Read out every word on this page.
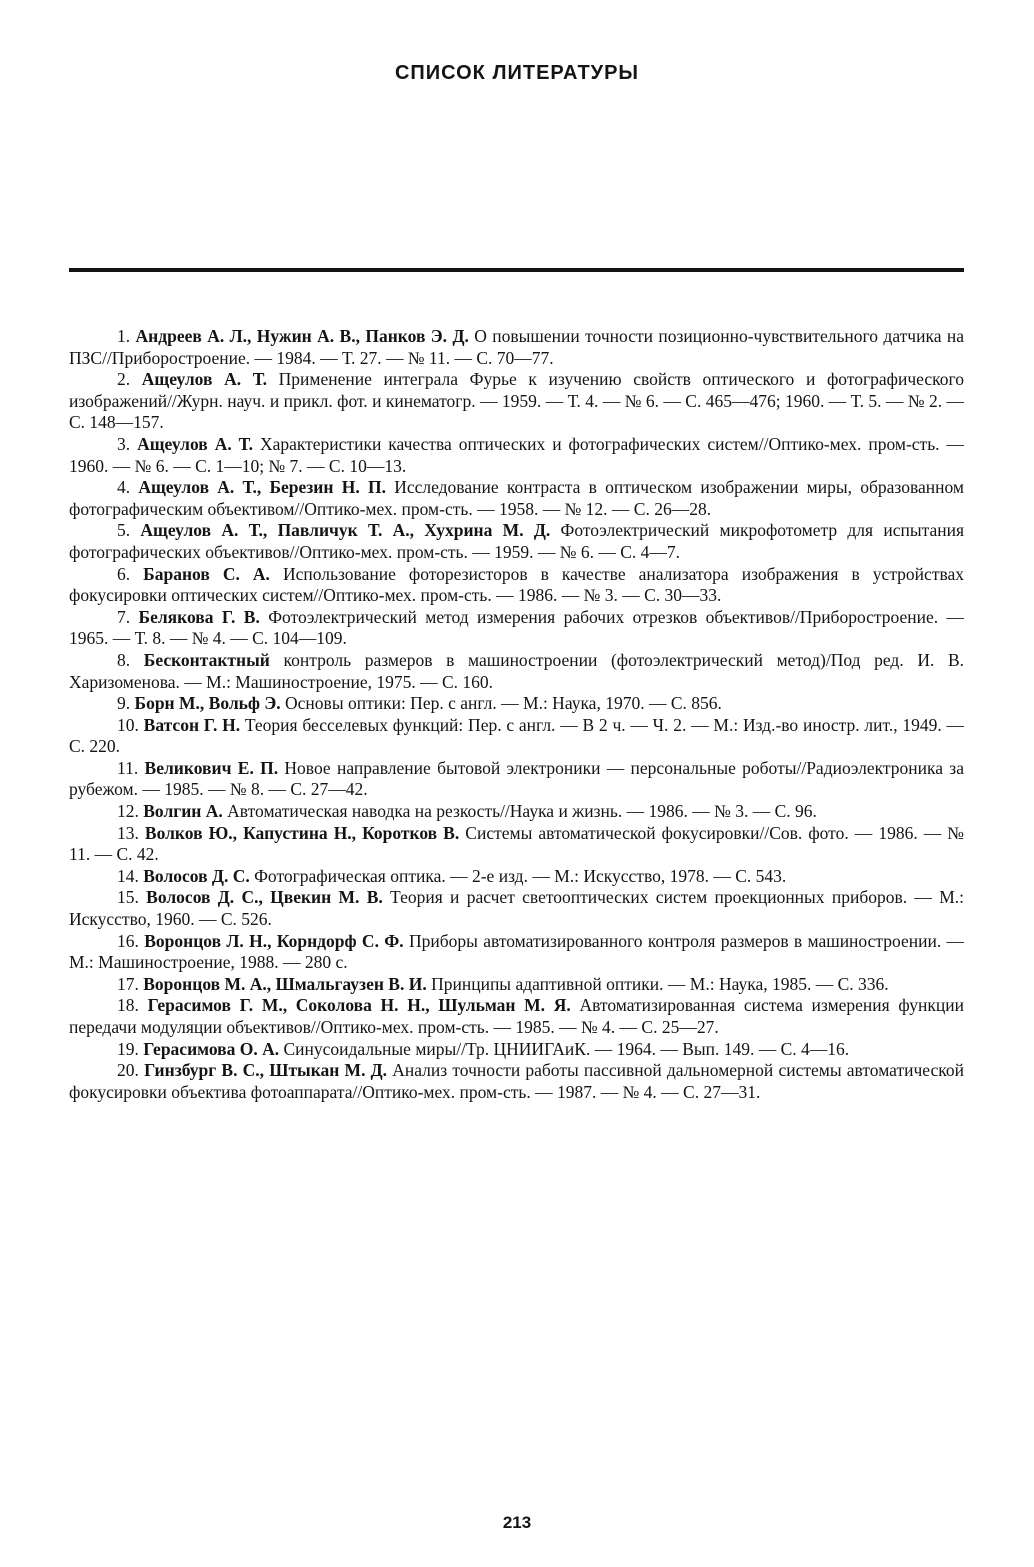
СПИСОК ЛИТЕРАТУРЫ
1. Андреев А. Л., Нужин А. В., Панков Э. Д. О повышении точности позиционно-чувствительного датчика на ПЗС//Приборостроение. — 1984. — Т. 27. — № 11. — С. 70—77.
2. Ащеулов А. Т. Применение интеграла Фурье к изучению свойств оптического и фотографического изображений//Журн. науч. и прикл. фот. и кинематогр. — 1959. — Т. 4. — № 6. — С. 465—476; 1960. — Т. 5. — № 2. — С. 148—157.
3. Ащеулов А. Т. Характеристики качества оптических и фотографических систем//Оптико-мех. пром-сть. — 1960. — № 6. — С. 1—10; № 7. — С. 10—13.
4. Ащеулов А. Т., Березин Н. П. Исследование контраста в оптическом изображении миры, образованном фотографическим объективом//Оптико-мех. пром-сть. — 1958. — № 12. — С. 26—28.
5. Ащеулов А. Т., Павличук Т. А., Хухрина М. Д. Фотоэлектрический микрофотометр для испытания фотографических объективов//Оптико-мех. пром-сть. — 1959. — № 6. — С. 4—7.
6. Баранов С. А. Использование фоторезисторов в качестве анализатора изображения в устройствах фокусировки оптических систем//Оптико-мех. пром-сть. — 1986. — № 3. — С. 30—33.
7. Белякова Г. В. Фотоэлектрический метод измерения рабочих отрезков объективов//Приборостроение. — 1965. — Т. 8. — № 4. — С. 104—109.
8. Бесконтактный контроль размеров в машиностроении (фотоэлектрический метод)/Под ред. И. В. Харизоменова. — М.: Машиностроение, 1975. — С. 160.
9. Борн М., Вольф Э. Основы оптики: Пер. с англ. — М.: Наука, 1970. — С. 856.
10. Ватсон Г. Н. Теория бесселевых функций: Пер. с англ. — В 2 ч. — Ч. 2. — М.: Изд.-во иностр. лит., 1949. — С. 220.
11. Великович Е. П. Новое направление бытовой электроники — персональные роботы//Радиоэлектроника за рубежом. — 1985. — № 8. — С. 27—42.
12. Волгин А. Автоматическая наводка на резкость//Наука и жизнь. — 1986. — № 3. — С. 96.
13. Волков Ю., Капустина Н., Коротков В. Системы автоматической фокусировки//Сов. фото. — 1986. — № 11. — С. 42.
14. Волосов Д. С. Фотографическая оптика. — 2-е изд. — М.: Искусство, 1978. — С. 543.
15. Волосов Д. С., Цвекин М. В. Теория и расчет светооптических систем проекционных приборов. — М.: Искусство, 1960. — С. 526.
16. Воронцов Л. Н., Корндорф С. Ф. Приборы автоматизированного контроля размеров в машиностроении. — М.: Машиностроение, 1988. — 280 с.
17. Воронцов М. А., Шмальгаузен В. И. Принципы адаптивной оптики. — М.: Наука, 1985. — С. 336.
18. Герасимов Г. М., Соколова Н. Н., Шульман М. Я. Автоматизированная система измерения функции передачи модуляции объективов//Оптико-мех. пром-сть. — 1985. — № 4. — С. 25—27.
19. Герасимова О. А. Синусоидальные миры//Тр. ЦНИИГАиК. — 1964. — Вып. 149. — С. 4—16.
20. Гинзбург В. С., Штыкан М. Д. Анализ точности работы пассивной дальномерной системы автоматической фокусировки объектива фотоаппарата//Оптико-мех. пром-сть. — 1987. — № 4. — С. 27—31.
213
